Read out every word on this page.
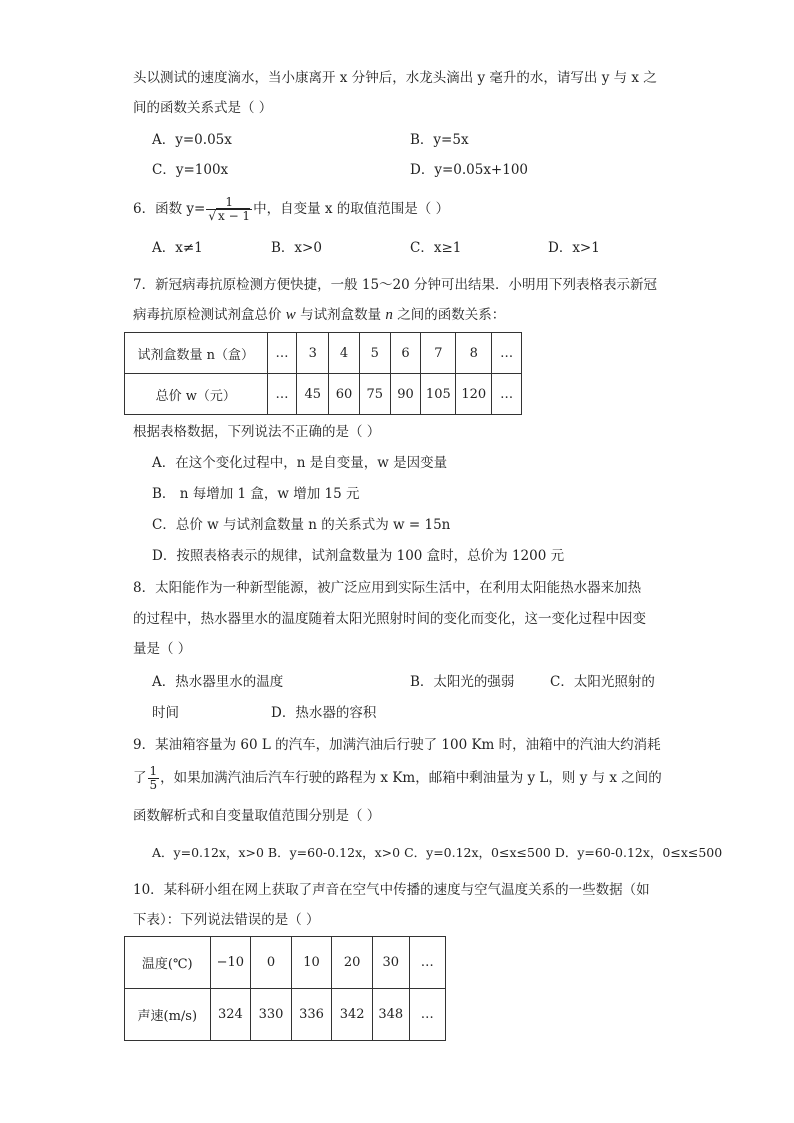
头以测试的速度滴水，当小康离开 x 分钟后，水龙头滴出 y 毫升的水，请写出 y 与 x 之
间的函数关系式是（ ）
A．y=0.05x	B．y=5x
C．y=100x	D．y=0.05x+100
6．函数 $y= \frac{1}{√ x - 1}$ 中，自变量 x 的取值范围是（ ）
A．x≠1	B．x>0	C．x≥1	D．x>1
7．新冠病毒抗原检测方便快捷，一般 15～20 分钟可出结果．小明用下列表格表示新冠
病毒抗原检测试剂盒总价 w 与试剂盒数量 n 之间的函数关系：
试剂盒数量 n（盒）	…	3	4	5	6	7	8	…
总价 w（元）	…	45	60	75	90	105	120	…
根据表格数据，下列说法不正确的是（ ）
A．在这个变化过程中，n 是自变量，w 是因变量
B． n 每增加 1 盒，w 增加 15 元
C．总价 w 与试剂盒数量 n 的关系式为 w = 15n
D．按照表格表示的规律，试剂盒数量为 100 盒时，总价为 1200 元
8．太阳能作为一种新型能源，被广泛应用到实际生活中，在利用太阳能热水器来加热
的过程中，热水器里水的温度随着太阳光照射时间的变化而变化，这一变化过程中因变
量是（ ）
A．热水器里水的温度	B．太阳光的强弱	C．太阳光照射的
时间	D．热水器的容积
9．某油箱容量为 60 L 的汽车，加满汽油后行驶了 100 Km 时，油箱中的汽油大约消耗
了 $\frac{1}{5}$ ，如果加满汽油后汽车行驶的路程为 x Km，邮箱中剩油量为 y L，则 y 与 x 之间的
函数解析式和自变量取值范围分别是（ ）
A．y=0.12x，x>0 B．y=60-0.12x，x>0 C．y=0.12x，0≤x≤500 D．y=60-0.12x，0≤x≤500
10．某科研小组在网上获取了声音在空气中传播的速度与空气温度关系的一些数据（如
下表）：下列说法错误的是（ ）
温度(℃)	−10	0	10	20	30	…
声速(m/s)	324	330	336	342	348	…
